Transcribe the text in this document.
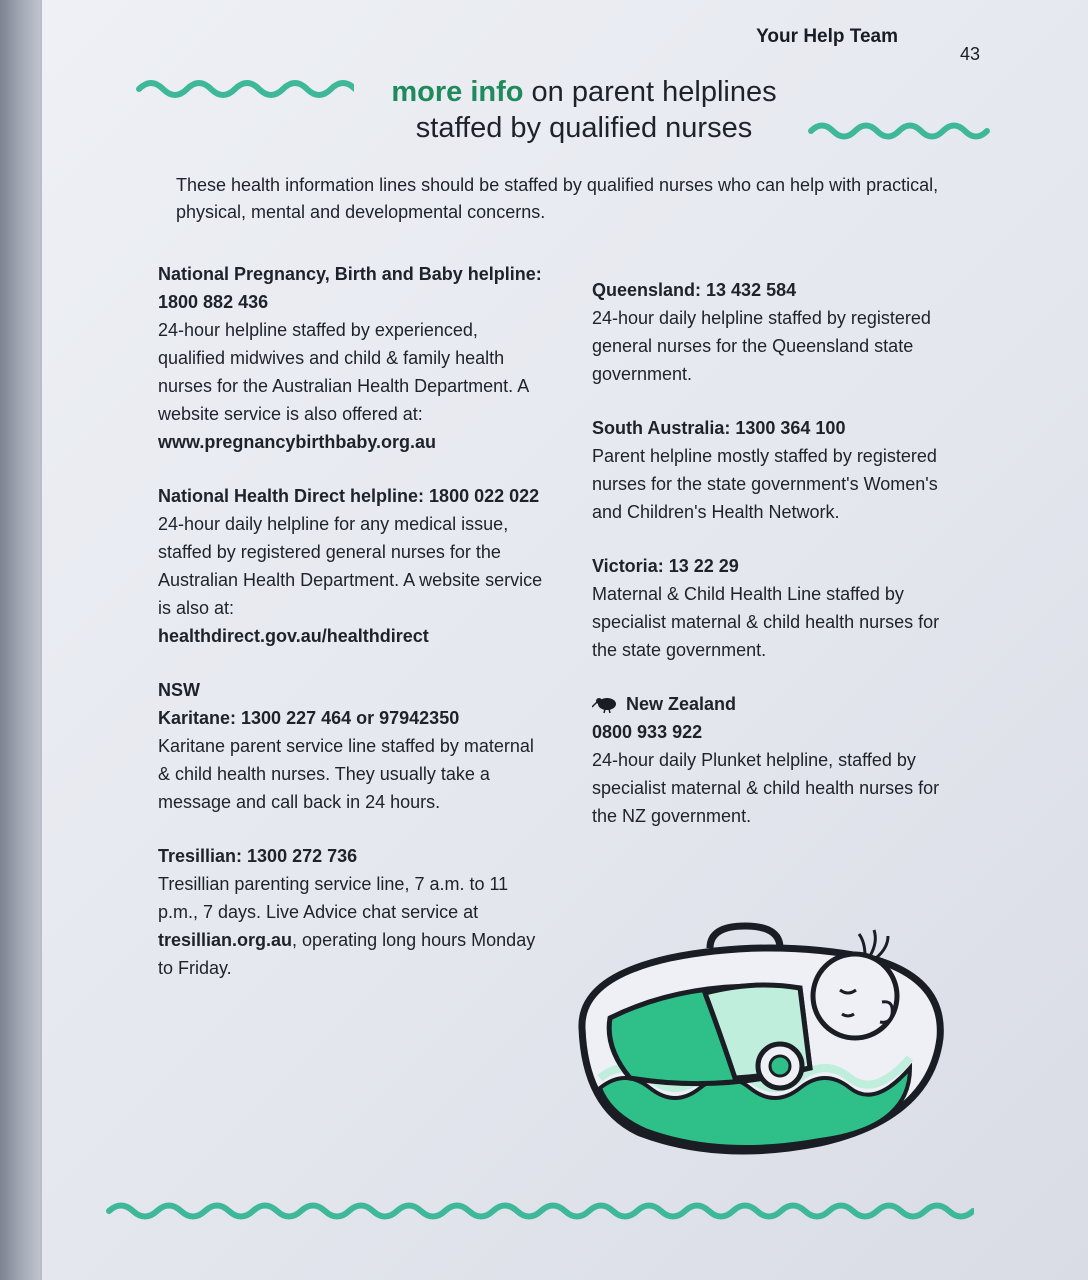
Your Help Team
43
more info on parent helplines staffed by qualified nurses
These health information lines should be staffed by qualified nurses who can help with practical, physical, mental and developmental concerns.
National Pregnancy, Birth and Baby helpline: 1800 882 436
24-hour helpline staffed by experienced, qualified midwives and child & family health nurses for the Australian Health Department. A website service is also offered at:
www.pregnancybirthbaby.org.au
National Health Direct helpline: 1800 022 022
24-hour daily helpline for any medical issue, staffed by registered general nurses for the Australian Health Department. A website service is also at:
healthdirect.gov.au/healthdirect
NSW
Karitane: 1300 227 464 or 97942350
Karitane parent service line staffed by maternal & child health nurses. They usually take a message and call back in 24 hours.
Tresillian: 1300 272 736
Tresillian parenting service line, 7 a.m. to 11 p.m., 7 days. Live Advice chat service at tresillian.org.au, operating long hours Monday to Friday.
Queensland: 13 432 584
24-hour daily helpline staffed by registered general nurses for the Queensland state government.
South Australia: 1300 364 100
Parent helpline mostly staffed by registered nurses for the state government's Women's and Children's Health Network.
Victoria: 13 22 29
Maternal & Child Health Line staffed by specialist maternal & child health nurses for the state government.
New Zealand
0800 933 922
24-hour daily Plunket helpline, staffed by specialist maternal & child health nurses for the NZ government.
